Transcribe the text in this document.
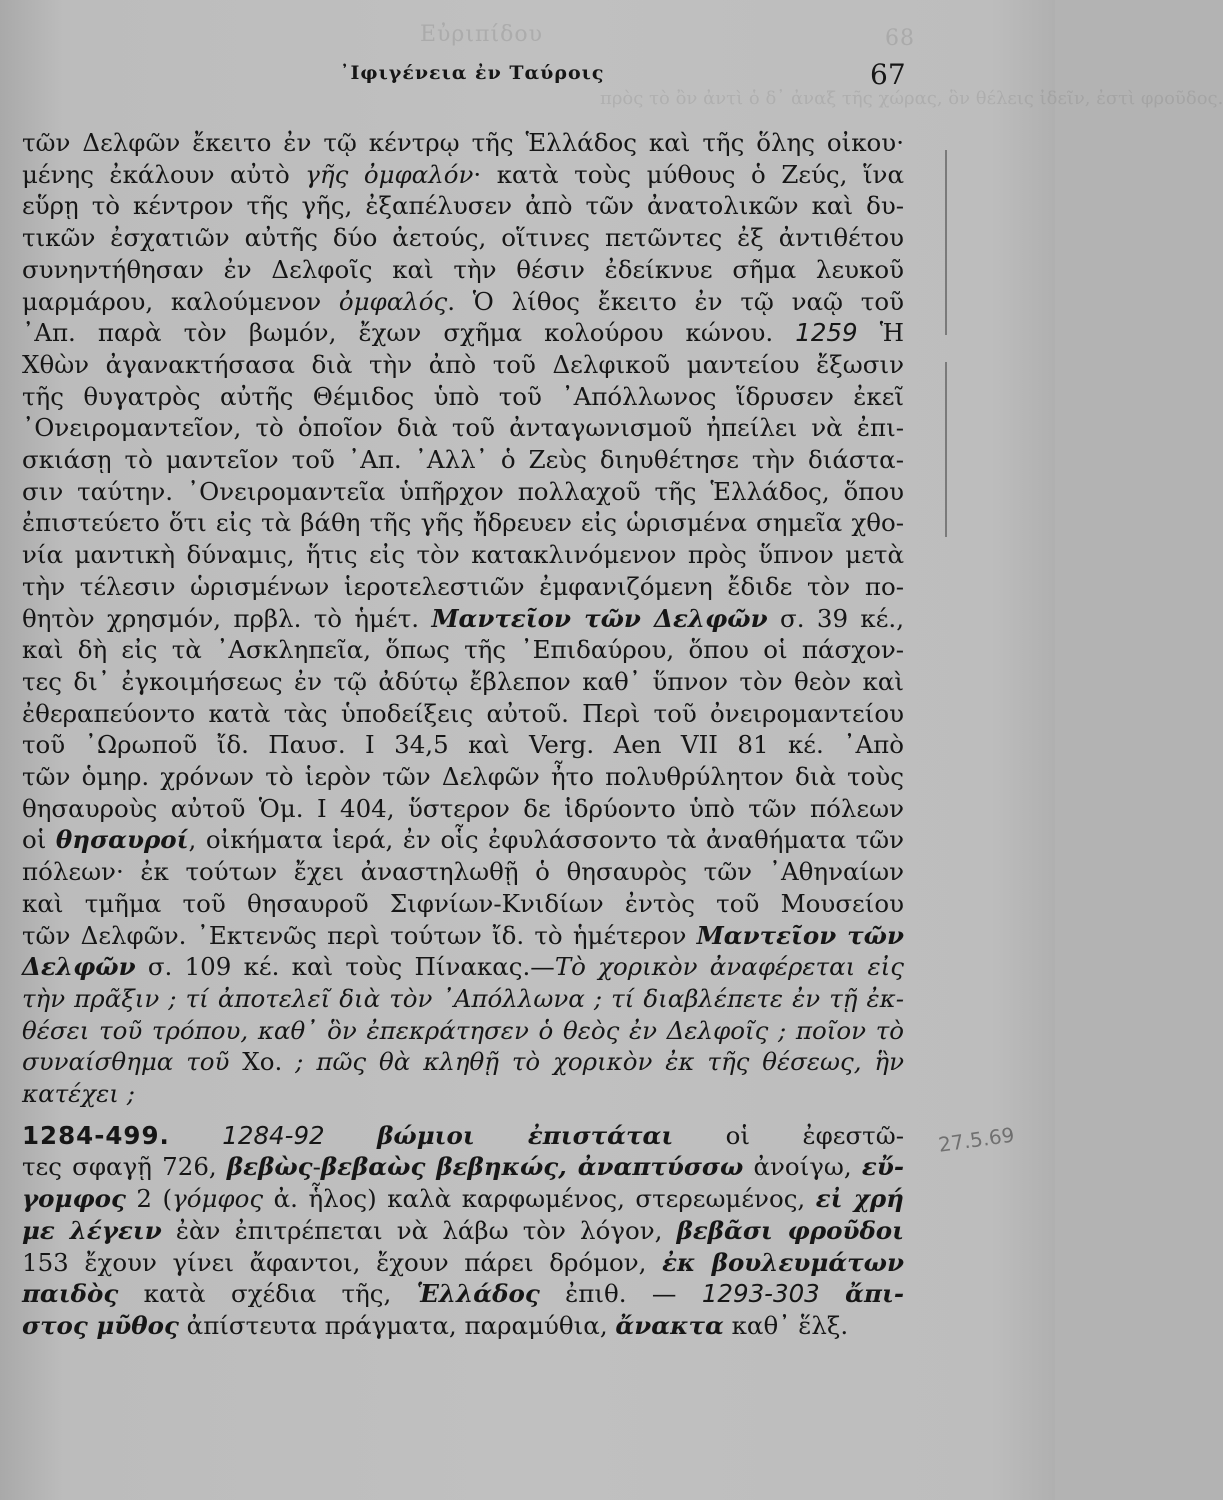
Εὐριπίδου	68
πρὸς τὸ ὂν ἀντὶ ὁ δ᾿ ἀναξ τῆς χώρας, ὃν θέλεις ἰδεῖν, ἐστὶ φροῦδος.
27.5.69
᾿Ιφιγένεια ἐν Ταύροις	67
τῶν Δελφῶν ἔκειτο ἐν τῷ κέντρῳ τῆς Ἑλλάδος καὶ τῆς ὅλης οἰκου·
μένης ἐκάλουν αὐτὸ γῆς ὀμφαλόν· κατὰ τοὺς μύθους ὁ Ζεύς, ἵνα
εὕρῃ τὸ κέντρον τῆς γῆς, ἐξαπέλυσεν ἀπὸ τῶν ἀνατολικῶν καὶ δυ-
τικῶν ἐσχατιῶν αὐτῆς δύο ἀετούς, οἵτινες πετῶντες ἐξ ἀντιθέτου
συνηντήθησαν ἐν Δελφοῖς καὶ τὴν θέσιν ἐδείκνυε σῆμα λευκοῦ
μαρμάρου, καλούμενον ὀμφαλός. Ὁ λίθος ἔκειτο ἐν τῷ ναῷ τοῦ
᾿Απ. παρὰ τὸν βωμόν, ἔχων σχῆμα κολούρου κώνου. 1259 Ἡ
Χθὼν ἀγανακτήσασα διὰ τὴν ἀπὸ τοῦ Δελφικοῦ μαντείου ἔξωσιν
τῆς θυγατρὸς αὐτῆς Θέμιδος ὑπὸ τοῦ ᾿Απόλλωνος ἵδρυσεν ἐκεῖ
᾿Ονειρομαντεῖον, τὸ ὁποῖον διὰ τοῦ ἀνταγωνισμοῦ ἠπείλει νὰ ἐπι-
σκιάσῃ τὸ μαντεῖον τοῦ ᾿Απ. ᾿Αλλ᾿ ὁ Ζεὺς διηυθέτησε τὴν διάστα-
σιν ταύτην. ᾿Ονειρομαντεῖα ὑπῆρχον πολλαχοῦ τῆς Ἑλλάδος, ὅπου
ἐπιστεύετο ὅτι εἰς τὰ βάθη τῆς γῆς ἤδρευεν εἰς ὡρισμένα σημεῖα χθο-
νία μαντικὴ δύναμις, ἥτις εἰς τὸν κατακλινόμενον πρὸς ὕπνον μετὰ
τὴν τέλεσιν ὡρισμένων ἱεροτελεστιῶν ἐμφανιζόμενη ἔδιδε τὸν πο-
θητὸν χρησμόν, πρβλ. τὸ ἡμέτ. Μαντεῖον τῶν Δελφῶν σ. 39 κέ.,
καὶ δὴ εἰς τὰ ᾿Ασκληπεῖα, ὅπως τῆς ᾿Επιδαύρου, ὅπου οἱ πάσχον-
τες δι᾿ ἐγκοιμήσεως ἐν τῷ ἀδύτῳ ἔβλεπον καθ᾿ ὕπνον τὸν θεὸν καὶ
ἐθεραπεύοντο κατὰ τὰς ὑποδείξεις αὐτοῦ. Περὶ τοῦ ὀνειρομαντείου
τοῦ ᾿Ωρωποῦ ἴδ. Παυσ. I 34,5 καὶ Verg. Aen VII 81 κέ. ᾿Απὸ
τῶν ὁμηρ. χρόνων τὸ ἱερὸν τῶν Δελφῶν ἦτο πολυθρύλητον διὰ τοὺς
θησαυροὺς αὐτοῦ Ὁμ. I 404, ὕστερον δε ἱδρύοντο ὑπὸ τῶν πόλεων
οἱ θησαυροί, οἰκήματα ἱερά, ἐν οἷς ἐφυλάσσοντο τὰ ἀναθήματα τῶν
πόλεων· ἐκ τούτων ἔχει ἀναστηλωθῇ ὁ θησαυρὸς τῶν ᾿Αθηναίων
καὶ τμῆμα τοῦ θησαυροῦ Σιφνίων-Κνιδίων ἐντὸς τοῦ Μουσείου
τῶν Δελφῶν. ᾿Εκτενῶς περὶ τούτων ἴδ. τὸ ἡμέτερον Μαντεῖον τῶν
Δελφῶν σ. 109 κέ. καὶ τοὺς Πίνακας.—Τὸ χορικὸν ἀναφέρεται εἰς
τὴν πρᾶξιν ; τί ἀποτελεῖ διὰ τὸν ᾿Απόλλωνα ; τί διαβλέπετε ἐν τῇ ἐκ-
θέσει τοῦ τρόπου, καθ᾿ ὃν ἐπεκράτησεν ὁ θεὸς ἐν Δελφοῖς ; ποῖον τὸ
συναίσθημα τοῦ Χο. ; πῶς θὰ κληθῇ τὸ χορικὸν ἐκ τῆς θέσεως, ἣν
κατέχει ;
1284-499. 1284-92 βώμιοι ἐπιστάται οἱ ἐφεστῶ-
τες σφαγῇ 726, βεβὼς-βεβαὼς βεβηκώς, ἀναπτύσσω ἀνοίγω, εὔ-
γομφος 2 (γόμφος ἀ. ἧλος) καλὰ καρφωμένος, στερεωμένος, εἰ χρή
με λέγειν ἐὰν ἐπιτρέπεται νὰ λάβω τὸν λόγον, βεβᾶσι φροῦδοι
153 ἔχουν γίνει ἄφαντοι, ἔχουν πάρει δρόμον, ἐκ βουλευμάτων
παιδὸς κατὰ σχέδια τῆς, Ἑλλάδος ἐπιθ. — 1293-303 ἄπι-
στος μῦθος ἀπίστευτα πράγματα, παραμύθια, ἄνακτα καθ᾿ ἕλξ.
